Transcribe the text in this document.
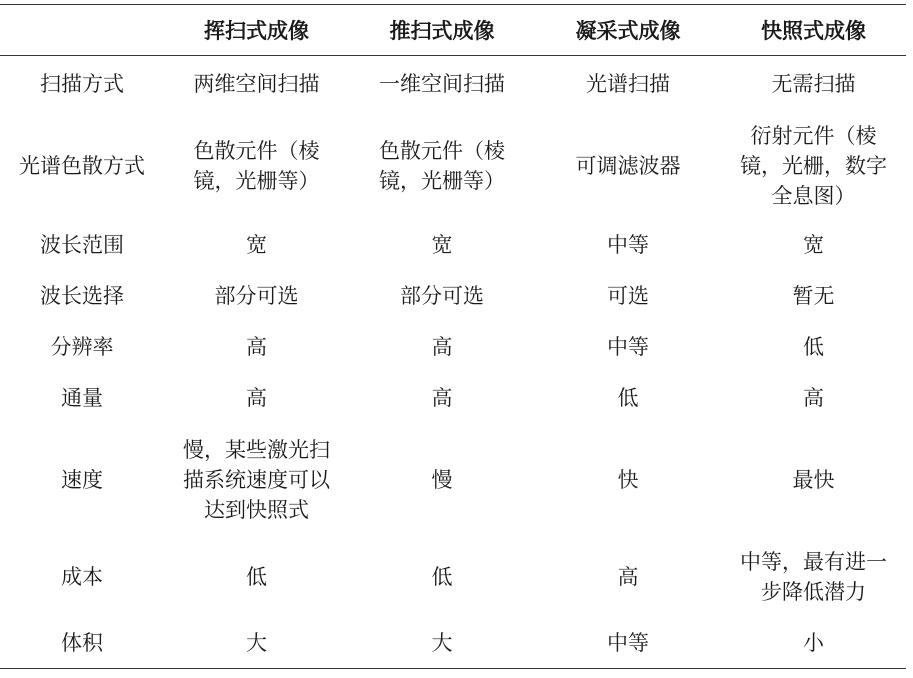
	挥扫式成像	推扫式成像	凝采式成像	快照式成像
扫描方式	两维空间扫描	一维空间扫描	光谱扫描	无需扫描
光谱色散方式	色散元件（棱镜，光栅等）	色散元件（棱镜，光栅等）	可调滤波器	衍射元件（棱镜，光栅，数字全息图）
波长范围	宽	宽	中等	宽
波长选择	部分可选	部分可选	可选	暂无
分辨率	高	高	中等	低
通量	高	高	低	高
速度	慢，某些激光扫描系统速度可以达到快照式	慢	快	最快
成本	低	低	高	中等，最有进一步降低潜力
体积	大	大	中等	小
